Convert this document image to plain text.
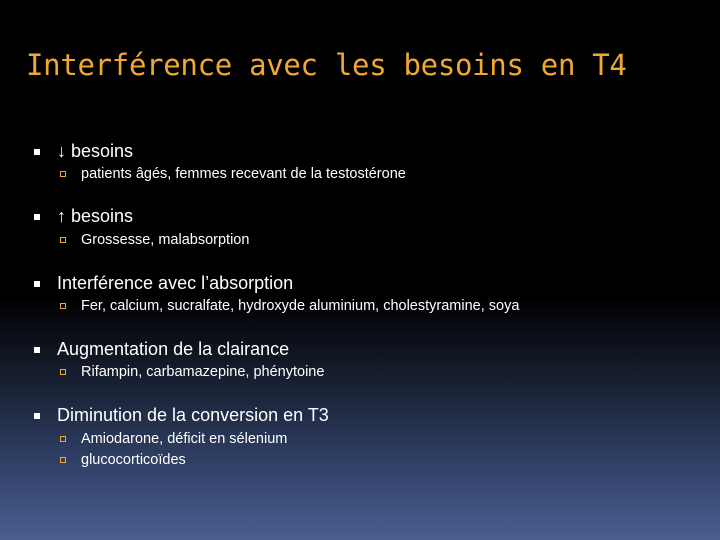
Interférence avec les besoins en T4
↓ besoins
patients âgés, femmes recevant de la testostérone
↑ besoins
Grossesse, malabsorption
Interférence avec l’absorption
Fer, calcium, sucralfate, hydroxyde aluminium, cholestyramine, soya
Augmentation de la clairance
Rifampin, carbamazepine, phénytoine
Diminution de la conversion en T3
Amiodarone, déficit en sélenium
glucocorticoïdes
